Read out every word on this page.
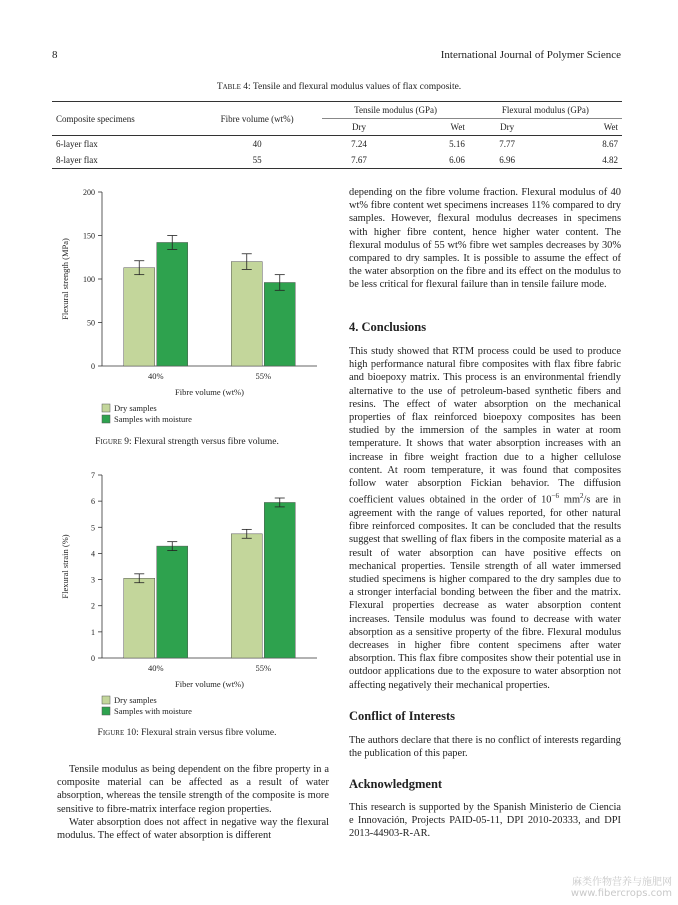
8	International Journal of Polymer Science
Table 4: Tensile and flexural modulus values of flax composite.
Composite specimens	Fibre volume (wt%)	Tensile modulus (GPa)		Flexural modulus (GPa)	
		Dry	Wet	Dry	Wet
6-layer flax	40	7.24	5.16	7.77	8.67
8-layer flax	55	7.67	6.06	6.96	4.82
0
50
100
150
200
Flexural strength (MPa)
40%	55%
Fibre volume (wt%)
Dry samples
Samples with moisture
Figure 9: Flexural strength versus fibre volume.
0
1
2
3
4
5
6
7
Flexural strain (%)
40%	55%
Fiber volume (wt%)
Dry samples
Samples with moisture
Figure 10: Flexural strain versus fibre volume.

Tensile modulus as being dependent on the fibre property in a composite material can be affected as a result of water absorption, whereas the tensile strength of the composite is more sensitive to fibre-matrix interface region properties.

Water absorption does not affect in negative way the flexural modulus. The effect of water absorption is different

depending on the fibre volume fraction. Flexural modulus of 40 wt% fibre content wet specimens increases 11% compared to dry samples. However, flexural modulus decreases in specimens with higher fibre content, hence higher water content. The flexural modulus of 55 wt% fibre wet samples decreases by 30% compared to dry samples. It is possible to assume the effect of the water absorption on the fibre and its effect on the modulus to be less critical for flexural failure than in tensile failure mode.

4. Conclusions

This study showed that RTM process could be used to produce high performance natural fibre composites with flax fibre fabric and bioepoxy matrix. This process is an environmental friendly alternative to the use of petroleum-based synthetic fibers and resins. The effect of water absorption on the mechanical properties of flax reinforced bioepoxy composites has been studied by the immersion of the samples in water at room temperature. It shows that water absorption increases with an increase in fibre weight fraction due to a higher cellulose content. At room temperature, it was found that composites follow water absorption Fickian behavior. The diffusion coefficient values obtained in the order of $10^{-6}$ $mm^2/s$ are in agreement with the range of values reported, for other natural fibre reinforced composites. It can be concluded that the results suggest that swelling of flax fibers in the composite material as a result of water absorption can have positive effects on mechanical properties. Tensile strength of all water immersed studied specimens is higher compared to the dry samples due to a stronger interfacial bonding between the fiber and the matrix. Flexural properties decrease as water absorption content increases. Tensile modulus was found to decrease with water absorption as a sensitive property of the fibre. Flexural modulus decreases in higher fibre content specimens after water absorption. This flax fibre composites show their potential use in outdoor applications due to the exposure to water absorption not affecting negatively their mechanical properties.

Conflict of Interests

The authors declare that there is no conflict of interests regarding the publication of this paper.

Acknowledgment

This research is supported by the Spanish Ministerio de Ciencia e Innovación, Projects PAID-05-11, DPI 2010-20333, and DPI 2013-44903-R-AR.

麻类作物营养与施肥网
www.fibercrops.com
